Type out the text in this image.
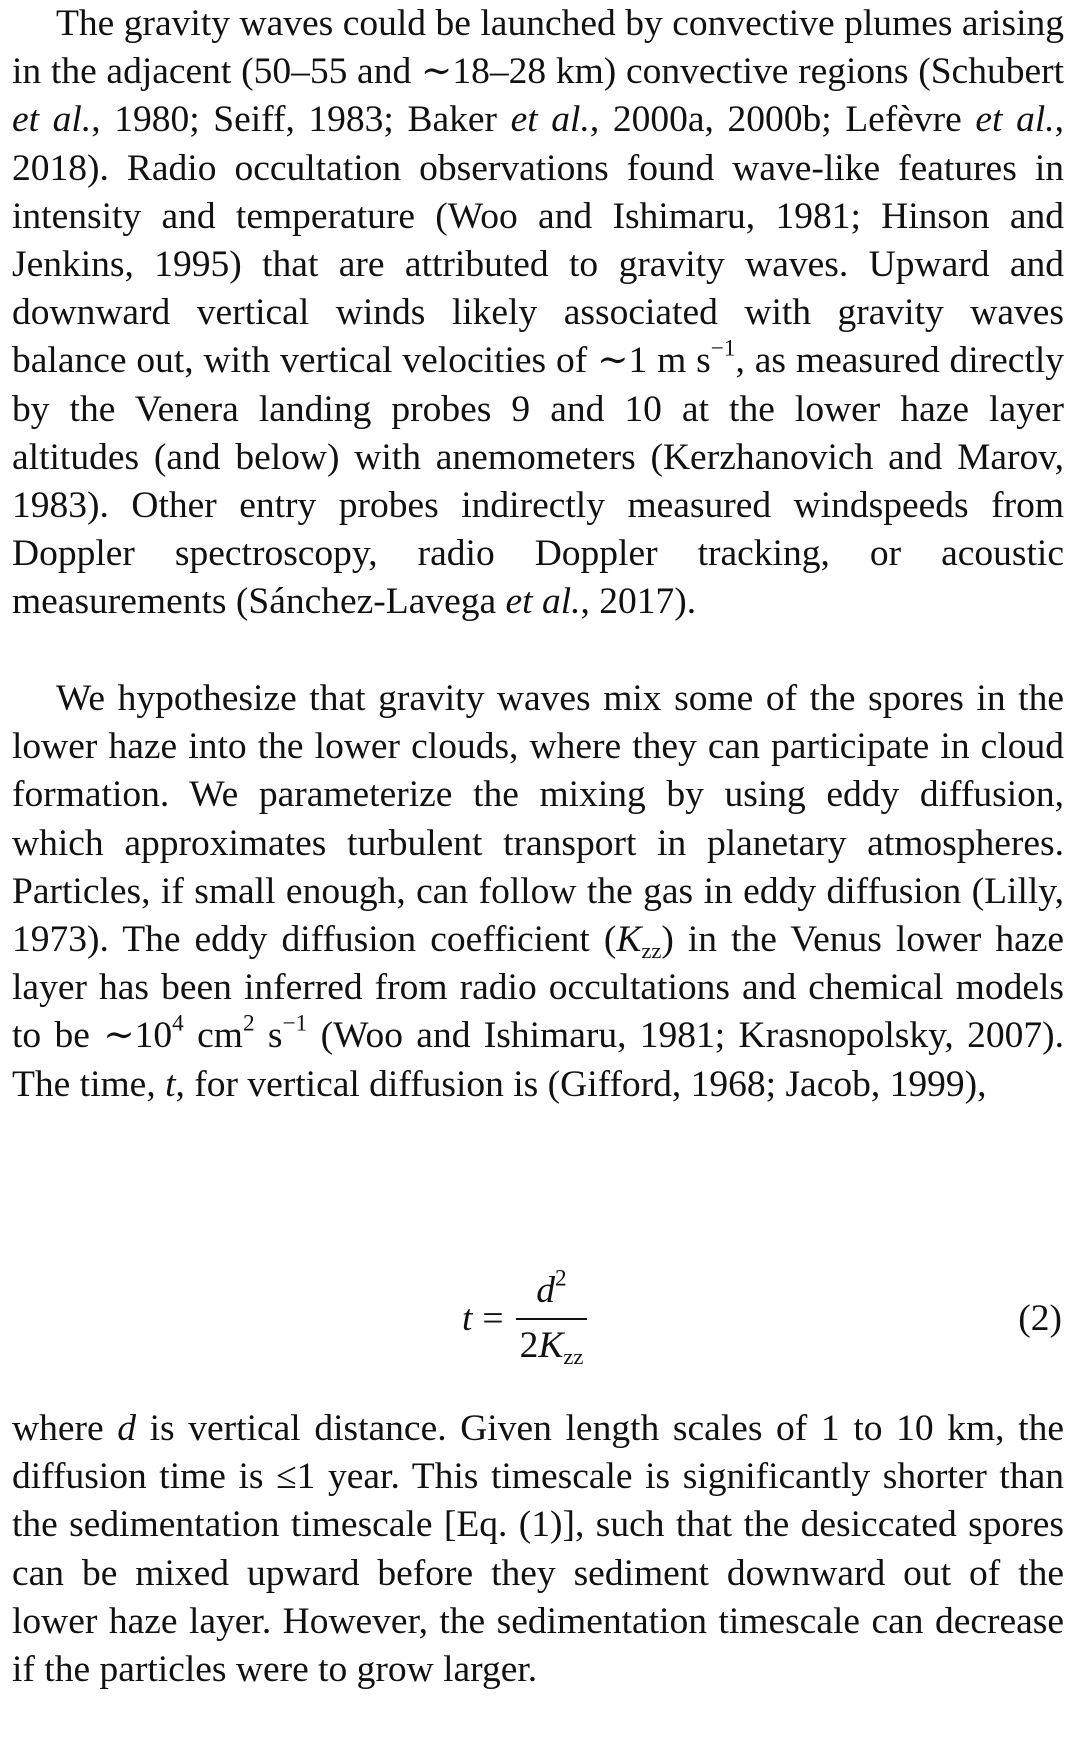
The gravity waves could be launched by convective plumes arising in the adjacent (50–55 and ∼18–28 km) convective regions (Schubert et al., 1980; Seiff, 1983; Baker et al., 2000a, 2000b; Lefèvre et al., 2018). Radio occultation observations found wave-like features in intensity and temperature (Woo and Ishimaru, 1981; Hinson and Jenkins, 1995) that are attributed to gravity waves. Upward and downward vertical winds likely associated with gravity waves balance out, with vertical velocities of ∼1 m $s^{-1}$, as measured directly by the Venera landing probes 9 and 10 at the lower haze layer altitudes (and below) with anemometers (Kerzhanovich and Marov, 1983). Other entry probes indirectly measured windspeeds from Doppler spectroscopy, radio Doppler tracking, or acoustic measurements (Sánchez-Lavega et al., 2017).

We hypothesize that gravity waves mix some of the spores in the lower haze into the lower clouds, where they can participate in cloud formation. We parameterize the mixing by using eddy diffusion, which approximates turbulent transport in planetary atmospheres. Particles, if small enough, can follow the gas in eddy diffusion (Lilly, 1973). The eddy diffusion coefficient $(K_{zz})$ in the Venus lower haze layer has been inferred from radio occultations and chemical models to be $\sim 10^4$ $cm^2$ $s^{-1}$ (Woo and Ishimaru, 1981; Krasnopolsky, 2007). The time, t, for vertical diffusion is (Gifford, 1968; Jacob, 1999),

$t = \frac{d^2}{2K_{zz}}$	(2)

where d is vertical distance. Given length scales of 1 to 10 km, the diffusion time is ≤1 year. This timescale is significantly shorter than the sedimentation timescale [Eq. (1)], such that the desiccated spores can be mixed upward before they sediment downward out of the lower haze layer. However, the sedimentation timescale can decrease if the particles were to grow larger.
